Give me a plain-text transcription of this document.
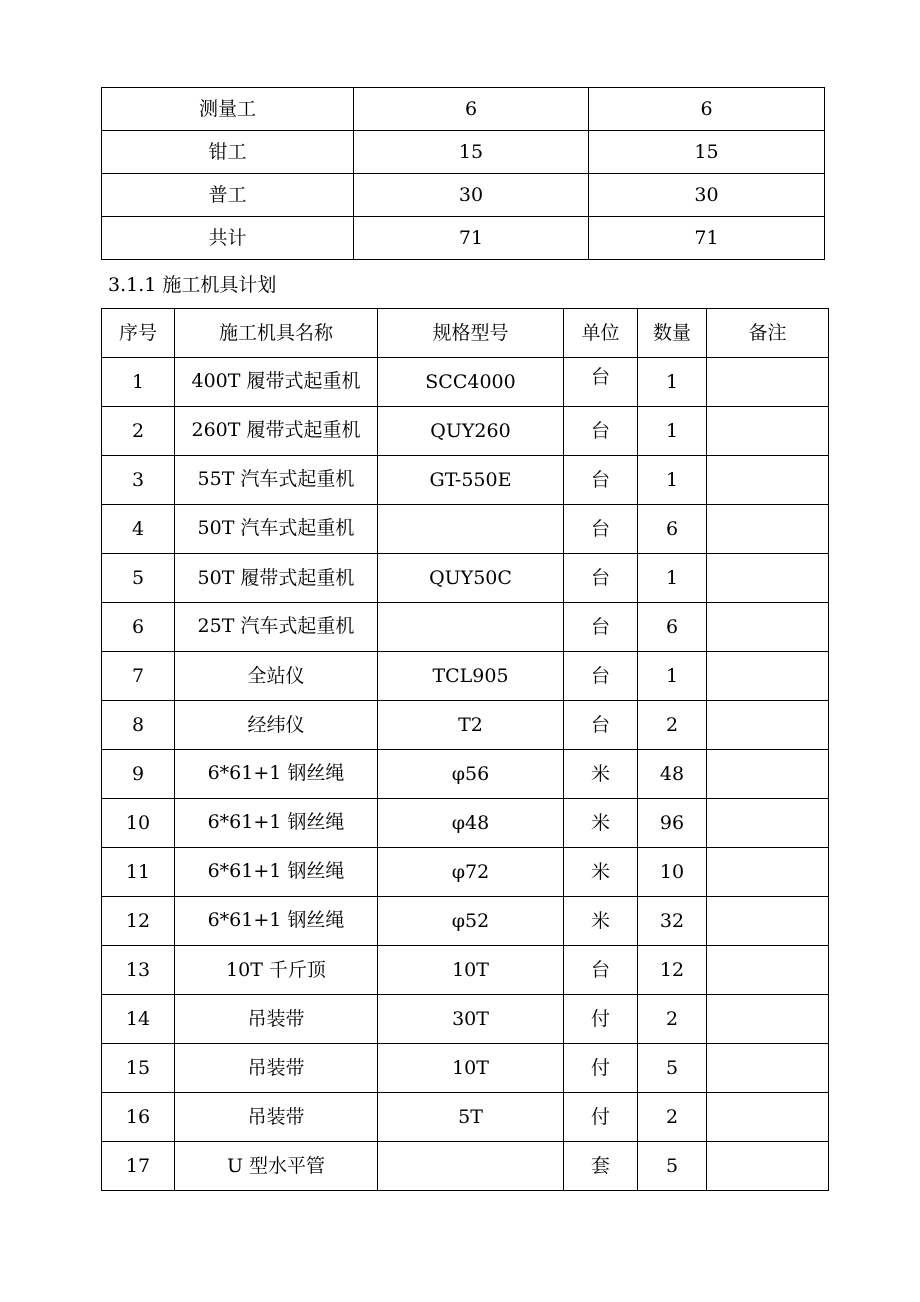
测量工	6	6
钳工	15	15
普工	30	30
共计	71	71
3.1.1 施工机具计划
序号	施工机具名称	规格型号	单位	数量	备注
1	400T 履带式起重机	SCC4000	台	1	
2	260T 履带式起重机	QUY260	台	1	
3	55T 汽车式起重机	GT-550E	台	1	
4	50T 汽车式起重机		台	6	
5	50T 履带式起重机	QUY50C	台	1	
6	25T 汽车式起重机		台	6	
7	全站仪	TCL905	台	1	
8	经纬仪	T2	台	2	
9	6*61+1 钢丝绳	φ56	米	48	
10	6*61+1 钢丝绳	φ48	米	96	
11	6*61+1 钢丝绳	φ72	米	10	
12	6*61+1 钢丝绳	φ52	米	32	
13	10T 千斤顶	10T	台	12	
14	吊装带	30T	付	2	
15	吊装带	10T	付	5	
16	吊装带	5T	付	2	
17	U 型水平管		套	5	
